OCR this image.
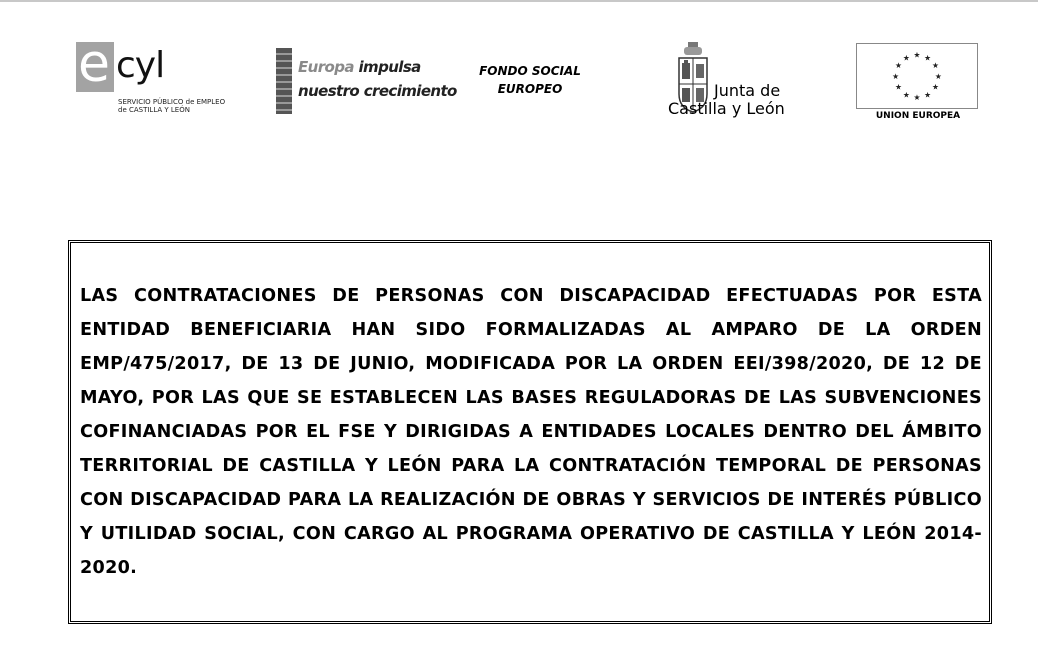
e cyl
SERVICIO PÚBLICO de EMPLEO
de CASTILLA Y LEÓN
Europa impulsa
nuestro crecimiento
FONDO SOCIAL
EUROPEO	Junta de
Castilla y León
★ ★
★
★
★
★
★
★
★
★
★
★
UNION EUROPEA

LAS CONTRATACIONES DE PERSONAS CON DISCAPACIDAD EFECTUADAS POR ESTA ENTIDAD BENEFICIARIA HAN SIDO FORMALIZADAS AL AMPARO DE LA ORDEN EMP/475/2017, DE 13 DE JUNIO, MODIFICADA POR LA ORDEN EEI/398/2020, DE 12 DE MAYO, POR LAS QUE SE ESTABLECEN LAS BASES REGULADORAS DE LAS SUBVENCIONES COFINANCIADAS POR EL FSE Y DIRIGIDAS A ENTIDADES LOCALES DENTRO DEL ÁMBITO TERRITORIAL DE CASTILLA Y LEÓN PARA LA CONTRATACIÓN TEMPORAL DE PERSONAS CON DISCAPACIDAD PARA LA REALIZACIÓN DE OBRAS Y SERVICIOS DE INTERÉS PÚBLICO Y UTILIDAD SOCIAL, CON CARGO AL PROGRAMA OPERATIVO DE CASTILLA Y LEÓN 2014-2020.
